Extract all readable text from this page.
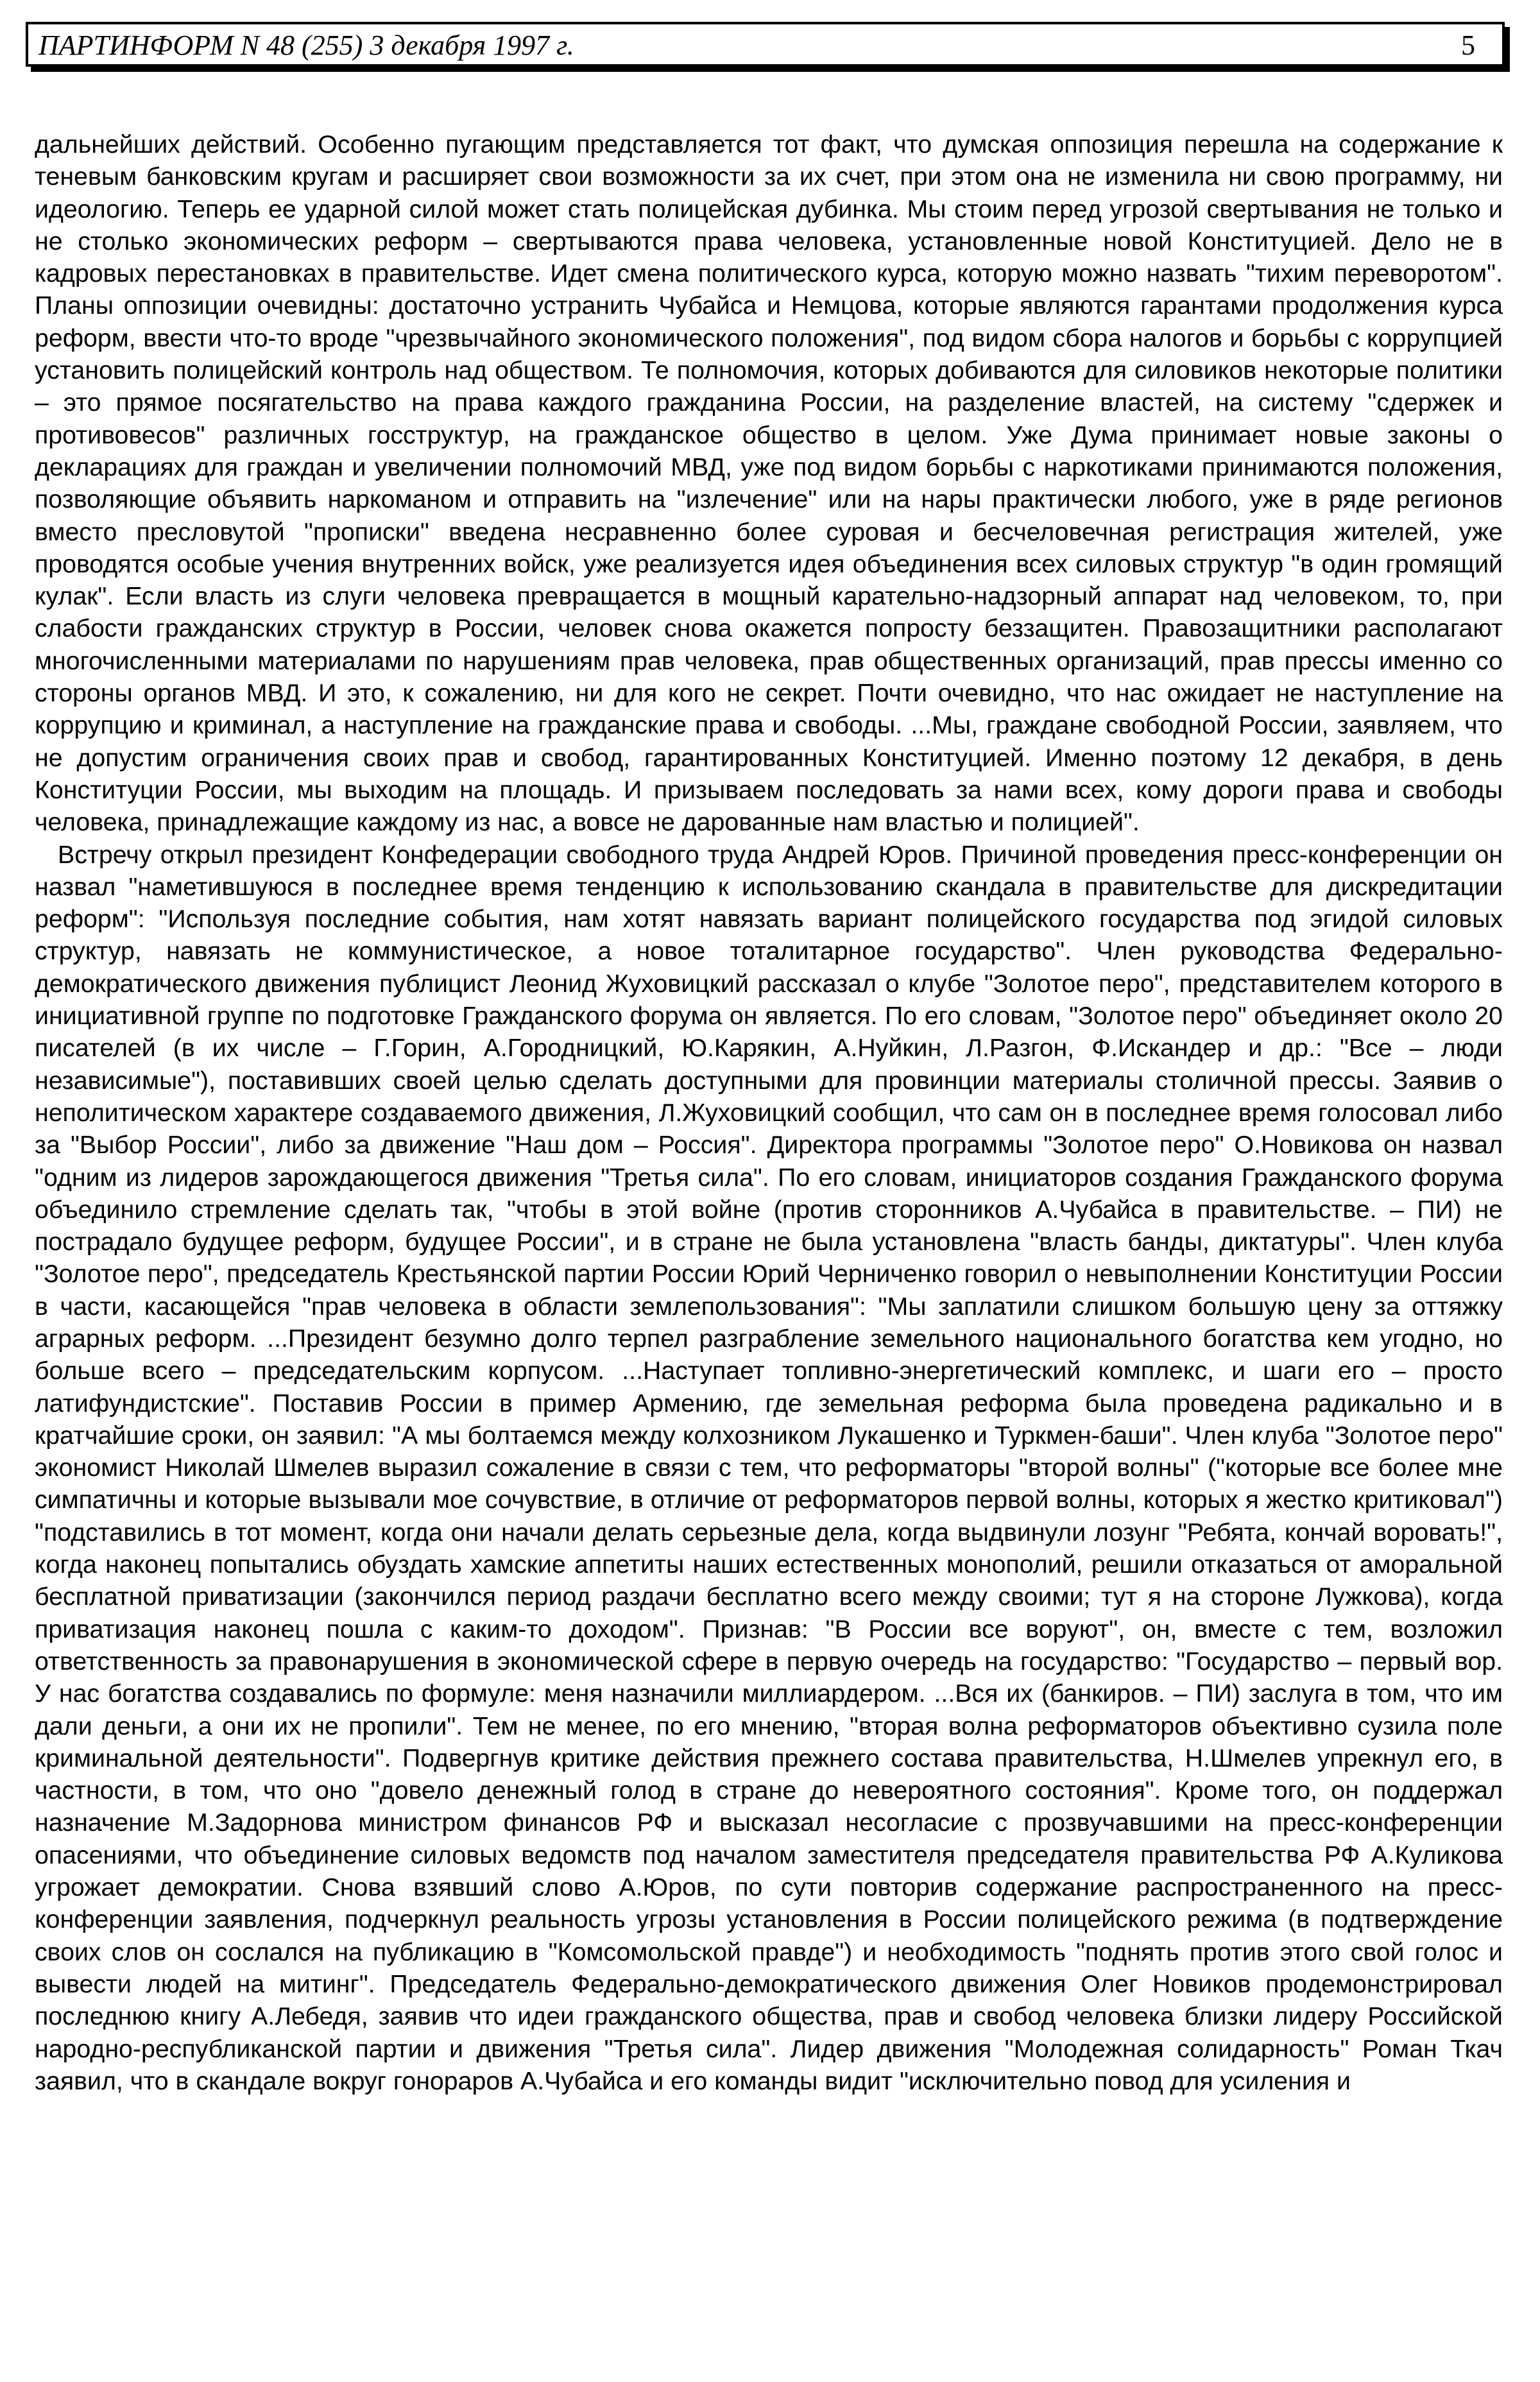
ПАРТИНФОРМ N 48 (255) 3 декабря 1997 г.	5

дальнейших действий. Особенно пугающим представляется тот факт, что думская оппозиция перешла на содержание к теневым банковским кругам и расширяет свои возможности за их счет, при этом она не изменила ни свою программу, ни идеологию. Теперь ее ударной силой может стать полицейская дубинка. Мы стоим перед угрозой свертывания не только и не столько экономических реформ – свертываются права человека, установленные новой Конституцией. Дело не в кадровых перестановках в правительстве. Идет смена политического курса, которую можно назвать "тихим переворотом". Планы оппозиции очевидны: достаточно устранить Чубайса и Немцова, которые являются гарантами продолжения курса реформ, ввести что-то вроде "чрезвычайного экономического положения", под видом сбора налогов и борьбы с коррупцией установить полицейский контроль над обществом. Те полномочия, которых добиваются для силовиков некоторые политики – это прямое посягательство на права каждого гражданина России, на разделение властей, на систему "сдержек и противовесов" различных госструктур, на гражданское общество в целом. Уже Дума принимает новые законы о декларациях для граждан и увеличении полномочий МВД, уже под видом борьбы с наркотиками принимаются положения, позволяющие объявить наркоманом и отправить на "излечение" или на нары практически любого, уже в ряде регионов вместо пресловутой "прописки" введена несравненно более суровая и бесчеловечная регистрация жителей, уже проводятся особые учения внутренних войск, уже реализуется идея объединения всех силовых структур "в один громящий кулак". Если власть из слуги человека превращается в мощный карательно-надзорный аппарат над человеком, то, при слабости гражданских структур в России, человек снова окажется попросту беззащитен. Правозащитники располагают многочисленными материалами по нарушениям прав человека, прав общественных организаций, прав прессы именно со стороны органов МВД. И это, к сожалению, ни для кого не секрет. Почти очевидно, что нас ожидает не наступление на коррупцию и криминал, а наступление на гражданские права и свободы. ...Мы, граждане свободной России, заявляем, что не допустим ограничения своих прав и свобод, гарантированных Конституцией. Именно поэтому 12 декабря, в день Конституции России, мы выходим на площадь. И призываем последовать за нами всех, кому дороги права и свободы человека, принадлежащие каждому из нас, а вовсе не дарованные нам властью и полицией".

Встречу открыл президент Конфедерации свободного труда Андрей Юров. Причиной проведения пресс-конференции он назвал "наметившуюся в последнее время тенденцию к использованию скандала в правительстве для дискредитации реформ": "Используя последние события, нам хотят навязать вариант полицейского государства под эгидой силовых структур, навязать не коммунистическое, а новое тоталитарное государство". Член руководства Федерально-демократического движения публицист Леонид Жуховицкий рассказал о клубе "Золотое перо", представителем которого в инициативной группе по подготовке Гражданского форума он является. По его словам, "Золотое перо" объединяет около 20 писателей (в их числе – Г.Горин, А.Городницкий, Ю.Карякин, А.Нуйкин, Л.Разгон, Ф.Искандер и др.: "Все – люди независимые"), поставивших своей целью сделать доступными для провинции материалы столичной прессы. Заявив о неполитическом характере создаваемого движения, Л.Жуховицкий сообщил, что сам он в последнее время голосовал либо за "Выбор России", либо за движение "Наш дом – Россия". Директора программы "Золотое перо" О.Новикова он назвал "одним из лидеров зарождающегося движения "Третья сила". По его словам, инициаторов создания Гражданского форума объединило стремление сделать так, "чтобы в этой войне (против сторонников А.Чубайса в правительстве. – ПИ) не пострадало будущее реформ, будущее России", и в стране не была установлена "власть банды, диктатуры". Член клуба "Золотое перо", председатель Крестьянской партии России Юрий Черниченко говорил о невыполнении Конституции России в части, касающейся "прав человека в области землепользования": "Мы заплатили слишком большую цену за оттяжку аграрных реформ. ...Президент безумно долго терпел разграбление земельного национального богатства кем угодно, но больше всего – председательским корпусом. ...Наступает топливно-энергетический комплекс, и шаги его – просто латифундистские". Поставив России в пример Армению, где земельная реформа была проведена радикально и в кратчайшие сроки, он заявил: "А мы болтаемся между колхозником Лукашенко и Туркмен-баши". Член клуба "Золотое перо" экономист Николай Шмелев выразил сожаление в связи с тем, что реформаторы "второй волны" ("которые все более мне симпатичны и которые вызывали мое сочувствие, в отличие от реформаторов первой волны, которых я жестко критиковал") "подставились в тот момент, когда они начали делать серьезные дела, когда выдвинули лозунг "Ребята, кончай воровать!", когда наконец попытались обуздать хамские аппетиты наших естественных монополий, решили отказаться от аморальной бесплатной приватизации (закончился период раздачи бесплатно всего между своими; тут я на стороне Лужкова), когда приватизация наконец пошла с каким-то доходом". Признав: "В России все воруют", он, вместе с тем, возложил ответственность за правонарушения в экономической сфере в первую очередь на государство: "Государство – первый вор. У нас богатства создавались по формуле: меня назначили миллиардером. ...Вся их (банкиров. – ПИ) заслуга в том, что им дали деньги, а они их не пропили". Тем не менее, по его мнению, "вторая волна реформаторов объективно сузила поле криминальной деятельности". Подвергнув критике действия прежнего состава правительства, Н.Шмелев упрекнул его, в частности, в том, что оно "довело денежный голод в стране до невероятного состояния". Кроме того, он поддержал назначение М.Задорнова министром финансов РФ и высказал несогласие с прозвучавшими на пресс-конференции опасениями, что объединение силовых ведомств под началом заместителя председателя правительства РФ А.Куликова угрожает демократии. Снова взявший слово А.Юров, по сути повторив содержание распространенного на пресс-конференции заявления, подчеркнул реальность угрозы установления в России полицейского режима (в подтверждение своих слов он сослался на публикацию в "Комсомольской правде") и необходимость "поднять против этого свой голос и вывести людей на митинг". Председатель Федерально-демократического движения Олег Новиков продемонстрировал последнюю книгу А.Лебедя, заявив что идеи гражданского общества, прав и свобод человека близки лидеру Российской народно-республиканской партии и движения "Третья сила". Лидер движения "Молодежная солидарность" Роман Ткач заявил, что в скандале вокруг гонораров А.Чубайса и его команды видит "исключительно повод для усиления и
